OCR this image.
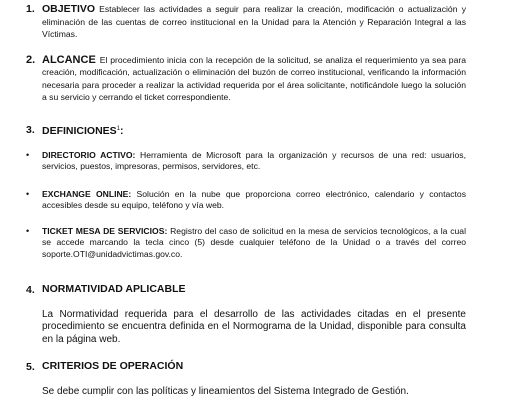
1. OBJETIVO Establecer las actividades a seguir para realizar la creación, modificación o actualización y eliminación de las cuentas de correo institucional en la Unidad para la Atención y Reparación Integral a las Víctimas.
2. ALCANCE El procedimiento inicia con la recepción de la solicitud, se analiza el requerimiento ya sea para creación, modificación, actualización o eliminación del buzón de correo institucional, verificando la información necesaria para proceder a realizar la actividad requerida por el área solicitante, notificándole luego la solución a su servicio y cerrando el ticket correspondiente.
3. DEFINICIONES$^1$:
• DIRECTORIO ACTIVO: Herramienta de Microsoft para la organización y recursos de una red: usuarios, servicios, puestos, impresoras, permisos, servidores, etc.
• EXCHANGE ONLINE: Solución en la nube que proporciona correo electrónico, calendario y contactos accesibles desde su equipo, teléfono y vía web.
• TICKET MESA DE SERVICIOS: Registro del caso de solicitud en la mesa de servicios tecnológicos, a la cual se accede marcando la tecla cinco (5) desde cualquier teléfono de la Unidad o a través del correo soporte.OTI@unidadvictimas.gov.co.
4. NORMATIVIDAD APLICABLE
La Normatividad requerida para el desarrollo de las actividades citadas en el presente procedimiento se encuentra definida en el Normograma de la Unidad, disponible para consulta en la página web.
5. CRITERIOS DE OPERACIÓN
Se debe cumplir con las políticas y lineamientos del Sistema Integrado de Gestión.
